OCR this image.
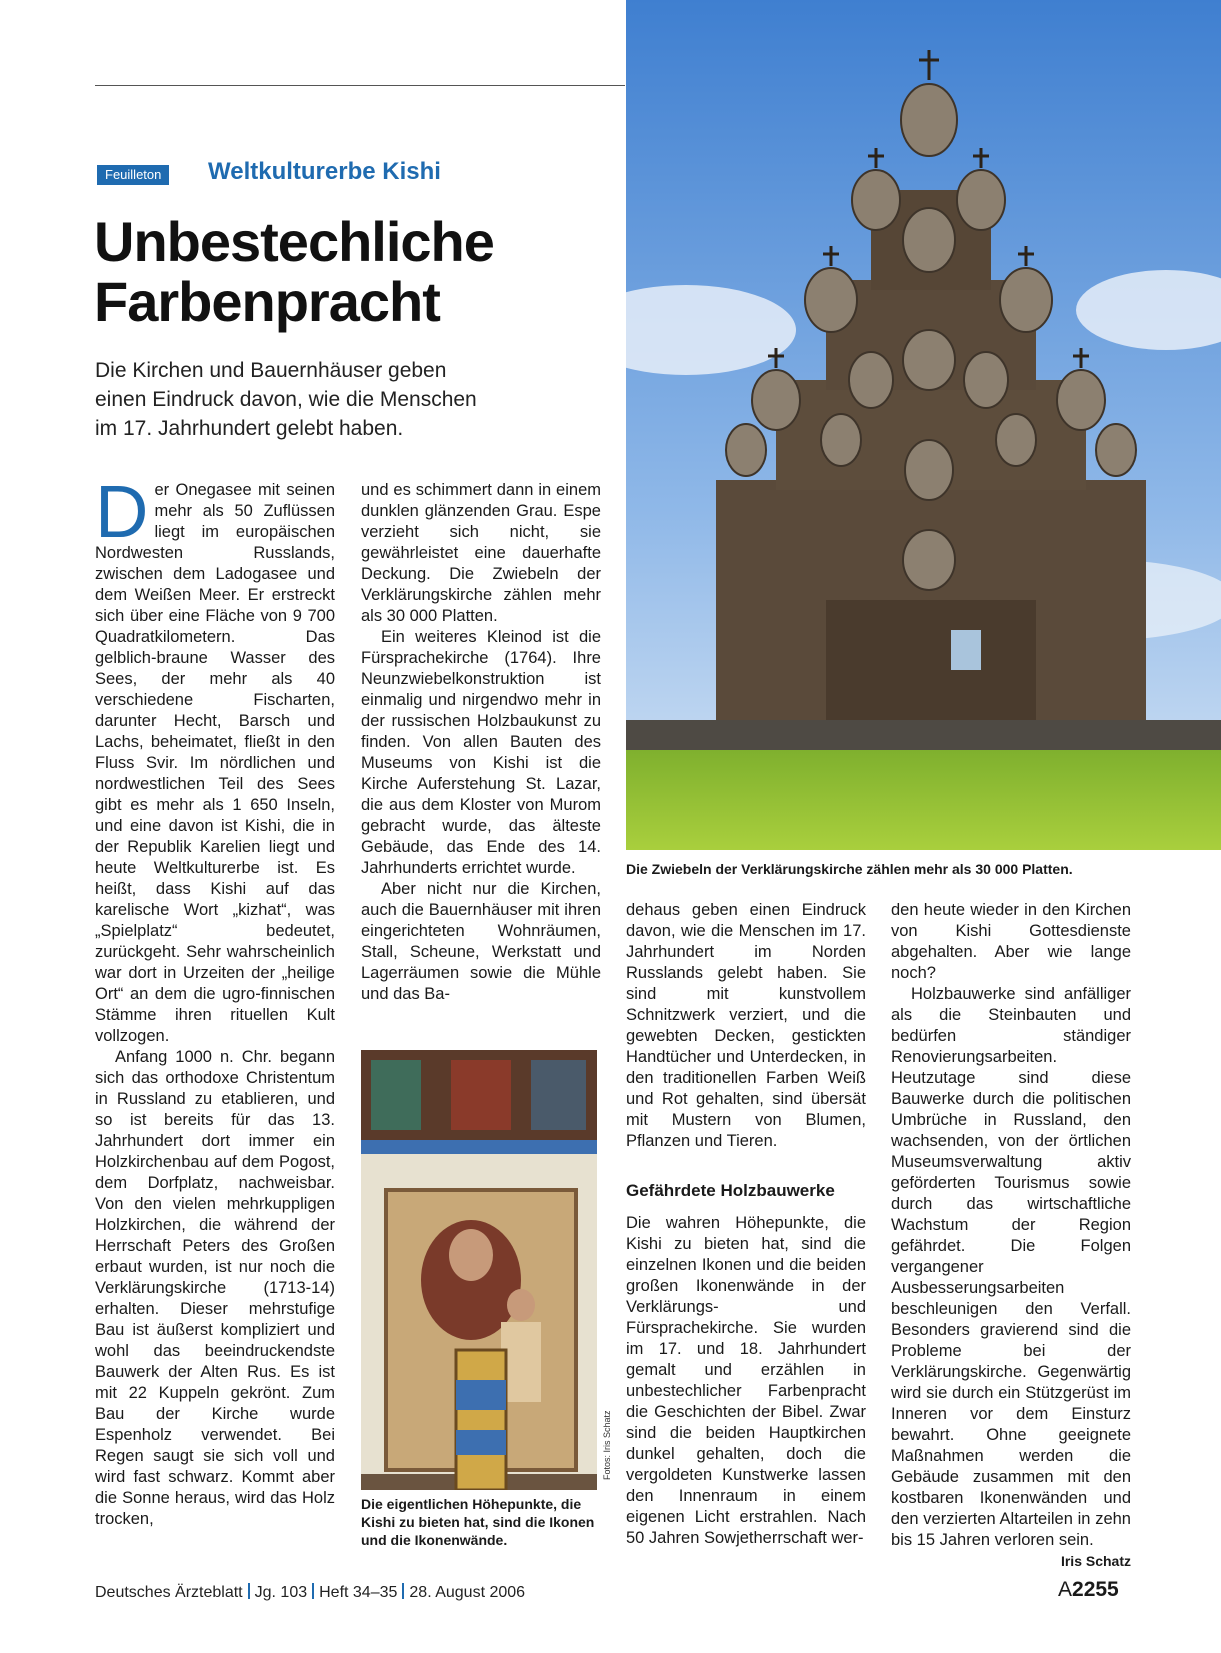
Feuilleton	Weltkulturerbe Kishi
Unbestechliche
Farbenpracht
Die Kirchen und Bauernhäuser geben
einen Eindruck davon, wie die Menschen
im 17. Jahrhundert gelebt haben.
Die Zwiebeln der Verklärungskirche zählen mehr als 30 000 Platten.

Der Onegasee mit seinen mehr als 50 Zuflüssen liegt im europäischen Nordwesten Russlands, zwischen dem Ladogasee und dem Weißen Meer. Er erstreckt sich über eine Fläche von 9 700 Quadratkilometern. Das gelblich-braune Wasser des Sees, der mehr als 40 verschiedene Fischarten, darunter Hecht, Barsch und Lachs, beheimatet, fließt in den Fluss Svir. Im nördlichen und nordwestlichen Teil des Sees gibt es mehr als 1 650 Inseln, und eine davon ist Kishi, die in der Republik Karelien liegt und heute Weltkulturerbe ist. Es heißt, dass Kishi auf das karelische Wort „kizhat“, was „Spielplatz“ bedeutet, zurückgeht. Sehr wahrscheinlich war dort in Urzeiten der „heilige Ort“ an dem die ugro-finnischen Stämme ihren rituellen Kult vollzogen.

Anfang 1000 n. Chr. begann sich das orthodoxe Christentum in Russland zu etablieren, und so ist bereits für das 13. Jahrhundert dort immer ein Holzkirchenbau auf dem Pogost, dem Dorfplatz, nachweisbar. Von den vielen mehrkuppligen Holzkirchen, die während der Herrschaft Peters des Großen erbaut wurden, ist nur noch die Verklärungskirche (1713-14) erhalten. Dieser mehrstufige Bau ist äußerst kompliziert und wohl das beeindruckendste Bauwerk der Alten Rus. Es ist mit 22 Kuppeln gekrönt. Zum Bau der Kirche wurde Espenholz verwendet. Bei Regen saugt sie sich voll und wird fast schwarz. Kommt aber die Sonne heraus, wird das Holz trocken,

und es schimmert dann in einem dunklen glänzenden Grau. Espe verzieht sich nicht, sie gewährleistet eine dauerhafte Deckung. Die Zwiebeln der Verklärungskirche zählen mehr als 30 000 Platten.

Ein weiteres Kleinod ist die Fürsprachekirche (1764). Ihre Neunzwiebelkonstruktion ist einmalig und nirgendwo mehr in der russischen Holzbaukunst zu finden. Von allen Bauten des Museums von Kishi ist die Kirche Auferstehung St. Lazar, die aus dem Kloster von Murom gebracht wurde, das älteste Gebäude, das Ende des 14. Jahrhunderts errichtet wurde.

Aber nicht nur die Kirchen, auch die Bauernhäuser mit ihren eingerichteten Wohnräumen, Stall, Scheune, Werkstatt und Lagerräumen sowie die Mühle und das Ba-

Fotos: Iris Schatz
Die eigentlichen Höhepunkte, die Kishi zu bieten hat, sind die Ikonen und die Ikonenwände.

dehaus geben einen Eindruck davon, wie die Menschen im 17. Jahrhundert im Norden Russlands gelebt haben. Sie sind mit kunstvollem Schnitzwerk verziert, und die gewebten Decken, gestickten Handtücher und Unterdecken, in den traditionellen Farben Weiß und Rot gehalten, sind übersät mit Mustern von Blumen, Pflanzen und Tieren.

Gefährdete Holzbauwerke

Die wahren Höhepunkte, die Kishi zu bieten hat, sind die einzelnen Ikonen und die beiden großen Ikonenwände in der Verklärungs- und Fürsprachekirche. Sie wurden im 17. und 18. Jahrhundert gemalt und erzählen in unbestechlicher Farbenpracht die Geschichten der Bibel. Zwar sind die beiden Hauptkirchen dunkel gehalten, doch die vergoldeten Kunstwerke lassen den Innenraum in einem eigenen Licht erstrahlen. Nach 50 Jahren Sowjetherrschaft wer-

den heute wieder in den Kirchen von Kishi Gottesdienste abgehalten. Aber wie lange noch?

Holzbauwerke sind anfälliger als die Steinbauten und bedürfen ständiger Renovierungsarbeiten. Heutzutage sind diese Bauwerke durch die politischen Umbrüche in Russland, den wachsenden, von der örtlichen Museumsverwaltung aktiv geförderten Tourismus sowie durch das wirtschaftliche Wachstum der Region gefährdet. Die Folgen vergangener Ausbesserungsarbeiten beschleunigen den Verfall. Besonders gravierend sind die Probleme bei der Verklärungskirche. Gegenwärtig wird sie durch ein Stützgerüst im Inneren vor dem Einsturz bewahrt. Ohne geeignete Maßnahmen werden die Gebäude zusammen mit den kostbaren Ikonenwänden und den verzierten Altarteilen in zehn bis 15 Jahren verloren sein.
Iris Schatz

Deutsches Ärzteblatt Jg. 103 Heft 34–35 28. August 2006	A2255
